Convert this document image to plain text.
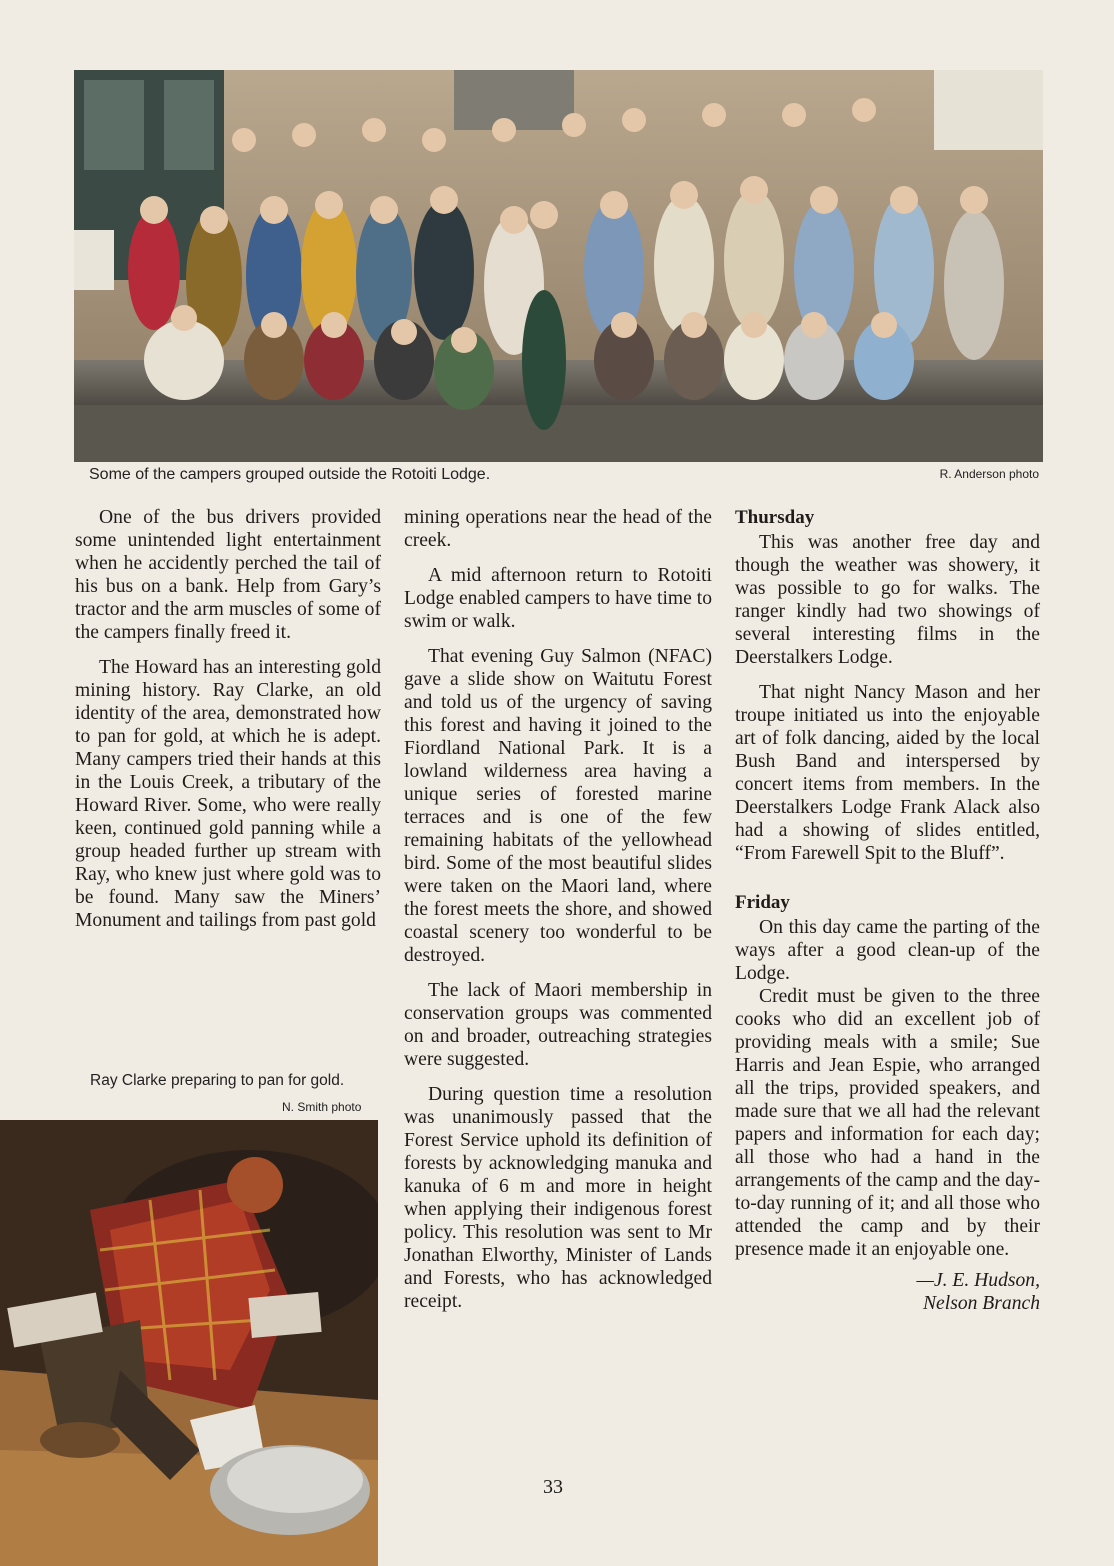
Some of the campers grouped outside the Rotoiti Lodge.	R. Anderson photo

One of the bus drivers provided some unintended light entertainment when he accidently perched the tail of his bus on a bank. Help from Gary’s tractor and the arm muscles of some of the campers finally freed it.

The Howard has an interesting gold mining history. Ray Clarke, an old identity of the area, demonstrated how to pan for gold, at which he is adept. Many campers tried their hands at this in the Louis Creek, a tributary of the Howard River. Some, who were really keen, continued gold panning while a group headed further up stream with Ray, who knew just where gold was to be found. Many saw the Miners’ Monument and tailings from past gold

Ray Clarke preparing to pan for gold.
N. Smith photo

mining operations near the head of the creek.

A mid afternoon return to Rotoiti Lodge enabled campers to have time to swim or walk.

That evening Guy Salmon (NFAC) gave a slide show on Waitutu Forest and told us of the urgency of saving this forest and having it joined to the Fiordland National Park. It is a lowland wilderness area having a unique series of forested marine terraces and is one of the few remaining habitats of the yellowhead bird. Some of the most beautiful slides were taken on the Maori land, where the forest meets the shore, and showed coastal scenery too wonderful to be destroyed.

The lack of Maori membership in conservation groups was commented on and broader, outreaching strategies were suggested.

During question time a resolution was unanimously passed that the Forest Service uphold its definition of forests by acknowledging manuka and kanuka of 6 m and more in height when applying their indigenous forest policy. This resolution was sent to Mr Jonathan Elworthy, Minister of Lands and Forests, who has acknowledged receipt.

33
Thursday

This was another free day and though the weather was showery, it was possible to go for walks. The ranger kindly had two showings of several interesting films in the Deerstalkers Lodge.

That night Nancy Mason and her troupe initiated us into the enjoyable art of folk dancing, aided by the local Bush Band and interspersed by concert items from members. In the Deerstalkers Lodge Frank Alack also had a showing of slides entitled, “From Farewell Spit to the Bluff”.

Friday

On this day came the parting of the ways after a good clean-up of the Lodge.

Credit must be given to the three cooks who did an excellent job of providing meals with a smile; Sue Harris and Jean Espie, who arranged all the trips, provided speakers, and made sure that we all had the relevant papers and information for each day; all those who had a hand in the arrangements of the camp and the day-to-day running of it; and all those who attended the camp and by their presence made it an enjoyable one.

—J. E. Hudson,

Nelson Branch
